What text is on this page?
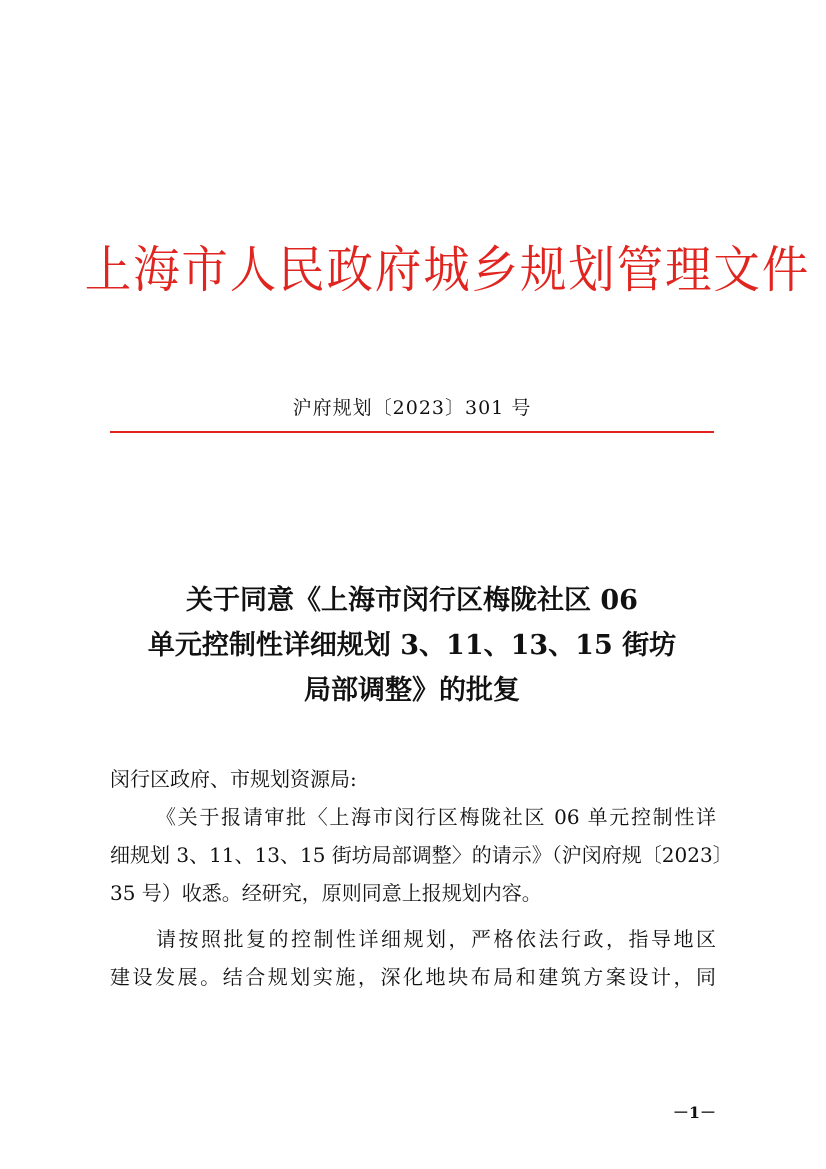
上海市人民政府城乡规划管理文件
沪府规划〔2023〕301 号
关于同意《上海市闵行区梅陇社区 06
单元控制性详细规划 3、11、13、15 街坊
局部调整》的批复
闵行区政府、市规划资源局:
《关于报请审批〈上海市闵行区梅陇社区 06 单元控制性详
细规划 3、11、13、15 街坊局部调整〉的请示》（沪闵府规〔2023〕
35 号）收悉。经研究，原则同意上报规划内容。
请按照批复的控制性详细规划，严格依法行政，指导地区
建设发展。结合规划实施，深化地块布局和建筑方案设计，同
－1－
